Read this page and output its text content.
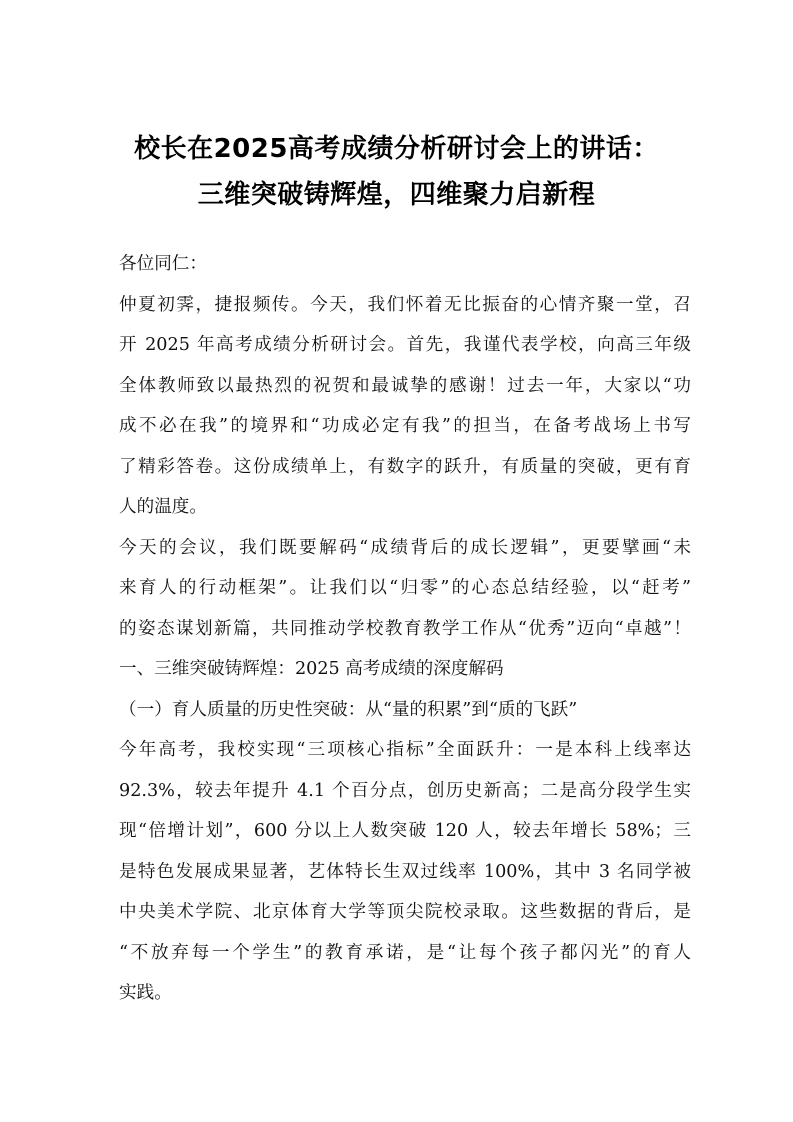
校长在2025高考成绩分析研讨会上的讲话：
三维突破铸辉煌，四维聚力启新程
各位同仁：
仲夏初霁，捷报频传。今天，我们怀着无比振奋的心情齐聚一堂，召
开 2025 年高考成绩分析研讨会。首先，我谨代表学校，向高三年级
全体教师致以最热烈的祝贺和最诚挚的感谢！过去一年，大家以“功
成不必在我”的境界和“功成必定有我”的担当，在备考战场上书写
了精彩答卷。这份成绩单上，有数字的跃升，有质量的突破，更有育
人的温度。
今天的会议，我们既要解码“成绩背后的成长逻辑”，更要擘画“未
来育人的行动框架”。让我们以“归零”的心态总结经验，以“赶考”
的姿态谋划新篇，共同推动学校教育教学工作从“优秀”迈向“卓越”！
一、三维突破铸辉煌：2025 高考成绩的深度解码
（一）育人质量的历史性突破：从“量的积累”到“质的飞跃”
今年高考，我校实现“三项核心指标”全面跃升：一是本科上线率达
92.3%，较去年提升 4.1 个百分点，创历史新高；二是高分段学生实
现“倍增计划”，600 分以上人数突破 120 人，较去年增长 58%；三
是特色发展成果显著，艺体特长生双过线率 100%，其中 3 名同学被
中央美术学院、北京体育大学等顶尖院校录取。这些数据的背后，是
“不放弃每一个学生”的教育承诺，是“让每个孩子都闪光”的育人
实践。
